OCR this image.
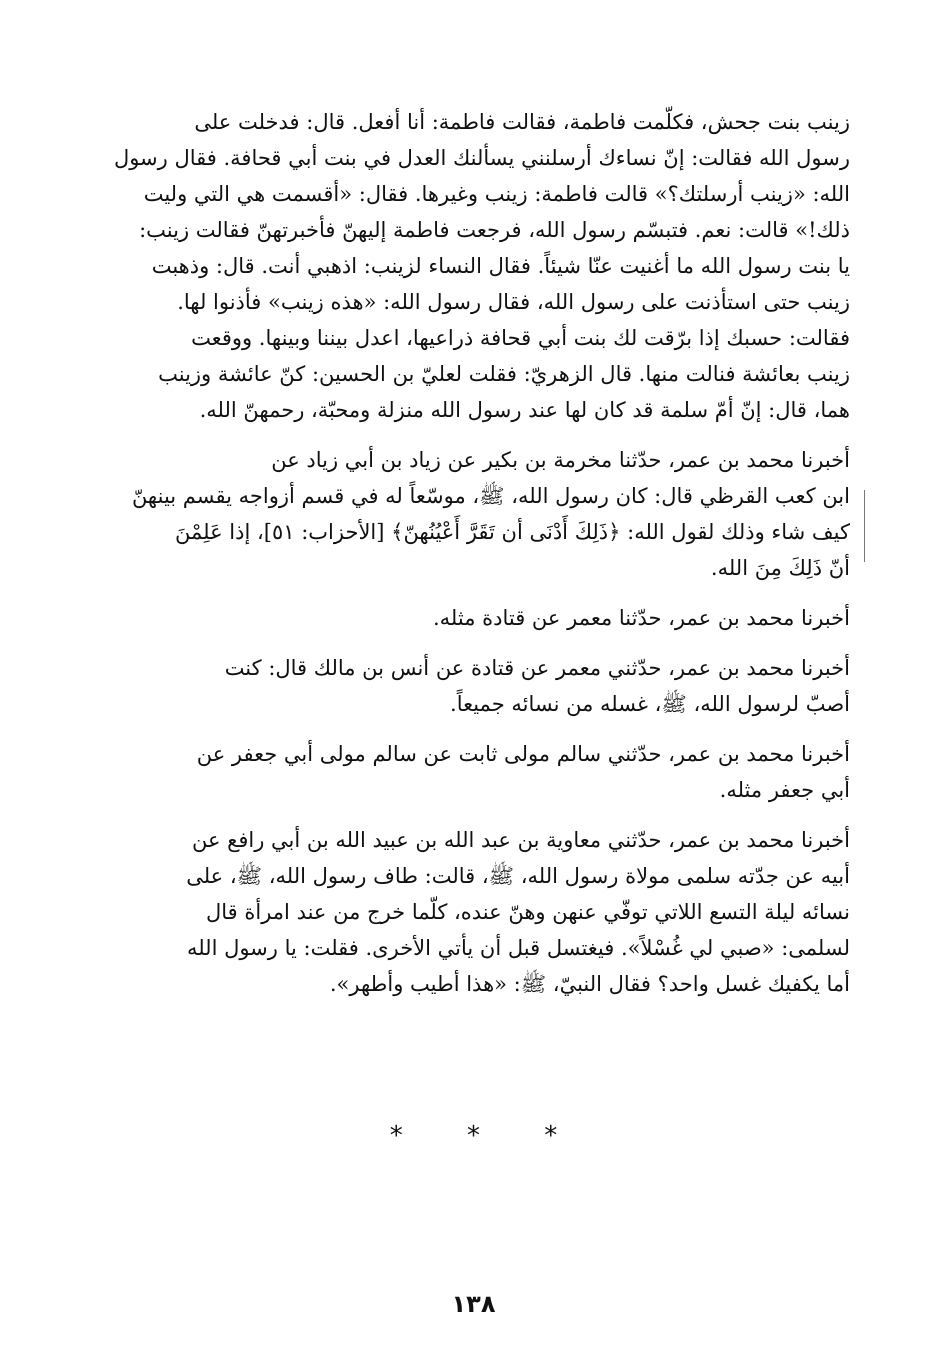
زينب بنت جحش، فكلّمت فاطمة، فقالت فاطمة: أنا أفعل. قال: فدخلت على
رسول الله فقالت: إنّ نساءك أرسلنني يسألنك العدل في بنت أبي قحافة. فقال رسول
الله: «زينب أرسلتك؟» قالت فاطمة: زينب وغيرها. فقال: «أقسمت هي التي وليت
ذلك!» قالت: نعم. فتبسّم رسول الله، فرجعت فاطمة إليهنّ فأخبرتهنّ فقالت زينب:
يا بنت رسول الله ما أغنيت عنّا شيئاً. فقال النساء لزينب: اذهبي أنت. قال: وذهبت
زينب حتى استأذنت على رسول الله، فقال رسول الله: «هذه زينب» فأذنوا لها.
فقالت: حسبك إذا برّقت لك بنت أبي قحافة ذراعيها، اعدل بيننا وبينها. ووقعت
زينب بعائشة فنالت منها. قال الزهريّ: فقلت لعليّ بن الحسين: كنّ عائشة وزينب
هما، قال: إنّ أمّ سلمة قد كان لها عند رسول الله منزلة ومحبّة، رحمهنّ الله.

أخبرنا محمد بن عمر، حدّثنا مخرمة بن بكير عن زياد بن أبي زياد عن
ابن كعب القرظي قال: كان رسول الله، ﷺ، موسّعاً له في قسم أزواجه يقسم بينهنّ
كيف شاء وذلك لقول الله: ﴿ذَلِكَ أَدْنَى أن تَقَرَّ أَعْيُنُهنّ﴾ [الأحزاب: ٥١]، إذا عَلِمْنَ
أنّ ذَلِكَ مِنَ الله.

أخبرنا محمد بن عمر، حدّثنا معمر عن قتادة مثله.

أخبرنا محمد بن عمر، حدّثني معمر عن قتادة عن أنس بن مالك قال: كنت
أصبّ لرسول الله، ﷺ، غسله من نسائه جميعاً.

أخبرنا محمد بن عمر، حدّثني سالم مولى ثابت عن سالم مولى أبي جعفر عن
أبي جعفر مثله.

أخبرنا محمد بن عمر، حدّثني معاوية بن عبد الله بن عبيد الله بن أبي رافع عن
أبيه عن جدّته سلمى مولاة رسول الله، ﷺ، قالت: طاف رسول الله، ﷺ، على
نسائه ليلة التسع اللاتي توفّي عنهن وهنّ عنده، كلّما خرج من عند امرأة قال
لسلمى: «صبي لي غُسْلاً». فيغتسل قبل أن يأتي الأخرى. فقلت: يا رسول الله
أما يكفيك غسل واحد؟ فقال النبيّ، ﷺ: «هذا أطيب وأطهر».

* * *
١٣٨
